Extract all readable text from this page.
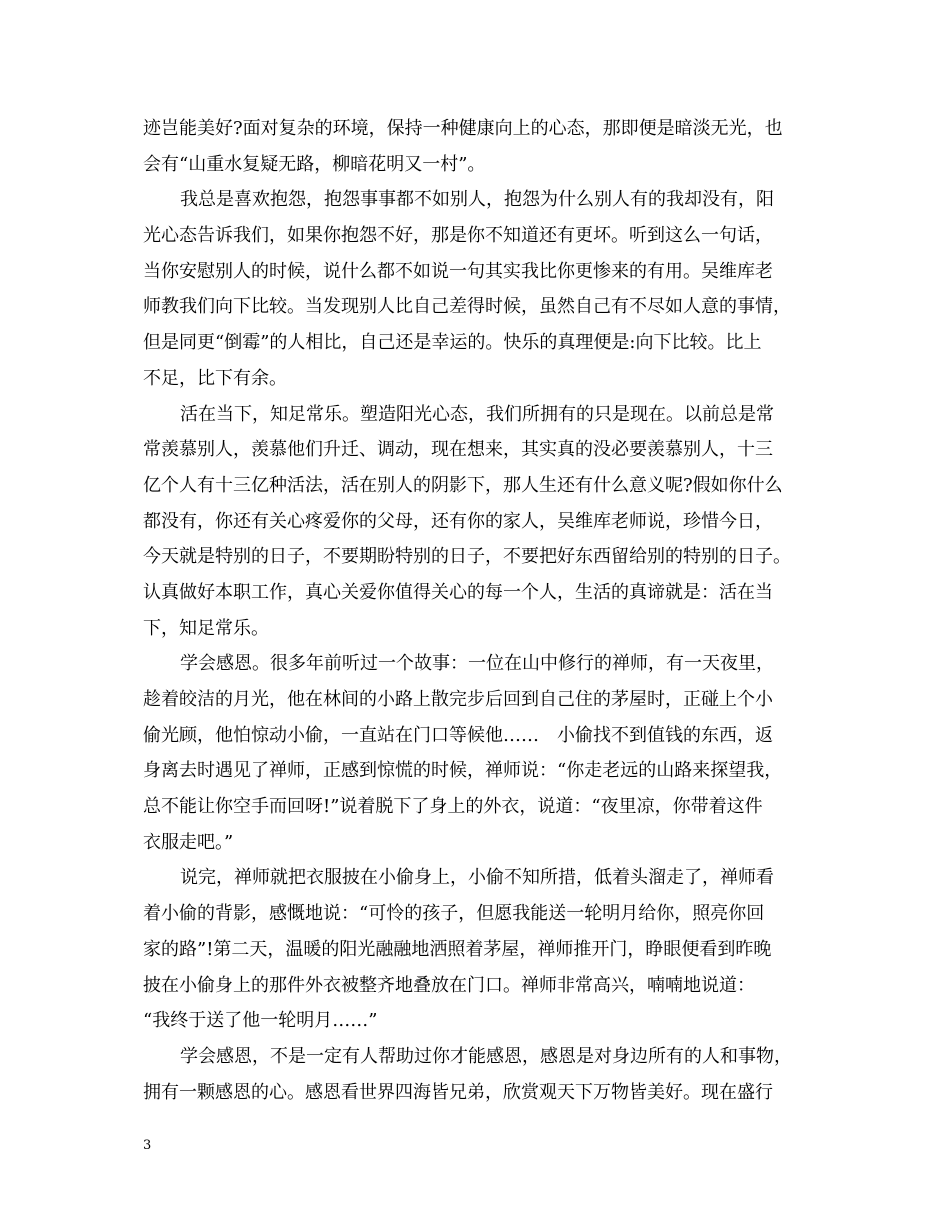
迹岂能美好?面对复杂的环境，保持一种健康向上的心态，那即便是暗淡无光，也
会有“山重水复疑无路，柳暗花明又一村”。
我总是喜欢抱怨，抱怨事事都不如别人，抱怨为什么别人有的我却没有，阳
光心态告诉我们，如果你抱怨不好，那是你不知道还有更坏。听到这么一句话，
当你安慰别人的时候，说什么都不如说一句其实我比你更惨来的有用。吴维库老
师教我们向下比较。当发现别人比自己差得时候，虽然自己有不尽如人意的事情，
但是同更“倒霉”的人相比，自己还是幸运的。快乐的真理便是:向下比较。比上
不足，比下有余。
活在当下，知足常乐。塑造阳光心态，我们所拥有的只是现在。以前总是常
常羡慕别人，羡慕他们升迁、调动，现在想来，其实真的没必要羡慕别人，十三
亿个人有十三亿种活法，活在别人的阴影下，那人生还有什么意义呢?假如你什么
都没有，你还有关心疼爱你的父母，还有你的家人，吴维库老师说，珍惜今日，
今天就是特别的日子，不要期盼特别的日子，不要把好东西留给别的特别的日子。
认真做好本职工作，真心关爱你值得关心的每一个人，生活的真谛就是：活在当
下，知足常乐。
学会感恩。很多年前听过一个故事：一位在山中修行的禅师，有一天夜里，
趁着皎洁的月光，他在林间的小路上散完步后回到自己住的茅屋时，正碰上个小
偷光顾，他怕惊动小偷，一直站在门口等候他……　小偷找不到值钱的东西，返
身离去时遇见了禅师，正感到惊慌的时候，禅师说：“你走老远的山路来探望我，
总不能让你空手而回呀!”说着脱下了身上的外衣，说道：“夜里凉，你带着这件
衣服走吧。”
说完，禅师就把衣服披在小偷身上，小偷不知所措，低着头溜走了，禅师看
着小偷的背影，感慨地说：“可怜的孩子，但愿我能送一轮明月给你，照亮你回
家的路”!第二天，温暖的阳光融融地洒照着茅屋，禅师推开门，睁眼便看到昨晚
披在小偷身上的那件外衣被整齐地叠放在门口。禅师非常高兴，喃喃地说道：
“我终于送了他一轮明月……”
学会感恩，不是一定有人帮助过你才能感恩，感恩是对身边所有的人和事物，
拥有一颗感恩的心。感恩看世界四海皆兄弟，欣赏观天下万物皆美好。现在盛行
3
